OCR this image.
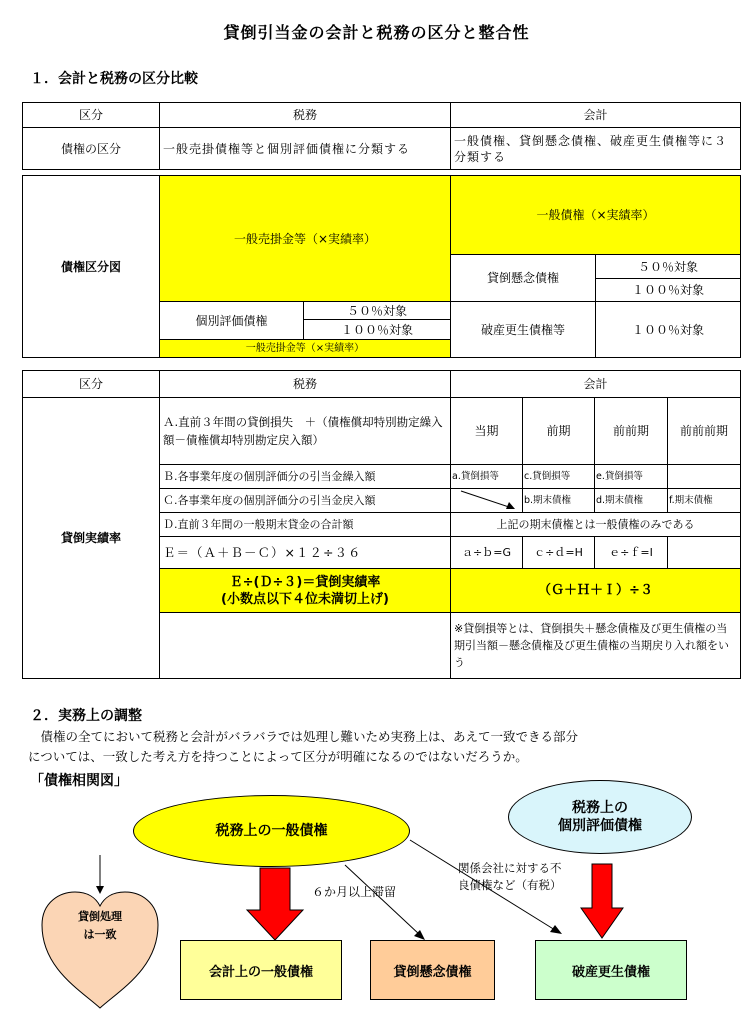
貸倒引当金の会計と税務の区分と整合性
１．会計と税務の区分比較
区分	税務	会計
債権の区分	一般売掛債権等と個別評価債権に分類する	一般債権、貸倒懸念債権、破産更生債権等に３分類する
債権区分図	一般売掛金等（×実績率）		一般債権（×実績率）	
			貸倒懸念債権	５０％対象
				１００％対象
	個別評価債権	５０％対象	破産更生債権等	１００％対象
		１００％対象		
	一般売掛金等（×実績率）			
区分	税務	会計			
貸倒実績率	Ａ.直前３年間の貸倒損失　＋（債権償却特別勘定繰入額－債権償却特別勘定戻入額）	当期	前期	前前期	前前前期
	Ｂ.各事業年度の個別評価分の引当金繰入額	a.貸倒損等	c.貸倒損等	e.貸倒損等	
	Ｃ.各事業年度の個別評価分の引当金戻入額		b.期末債権	d.期末債権	f.期末債権
	Ｄ.直前３年間の一般期末貸金の合計額	上記の期末債権とは一般債権のみである			
	Ｅ＝（Ａ＋Ｂ－Ｃ）×１２÷３６	ａ÷ｂ=G	ｃ÷ｄ=H	ｅ÷ｆ=I	

	Ｅ÷(Ｄ÷３)＝貸倒実績率
(小数点以下４位未満切上げ)	（Ｇ＋Ｈ＋Ｉ）÷３			
		※貸倒損等とは、貸倒損失＋懸念債権及び更生債権の当期引当額－懸念債権及び更生債権の当期戻り入れ額をいう			
２．実務上の調整
　債権の全てにおいて税務と会計がバラバラでは処理し難いため実務上は、あえて一致できる部分
については、一致した考え方を持つことによって区分が明確になるのではないだろうか。
「債権相関図」
税務上の一般債権
税務上の
個別評価債権
貸倒処理
は一致
６か月以上滞留
関係会社に対する不
良債権など（有税）
会計上の一般債権	貸倒懸念債権	破産更生債権
